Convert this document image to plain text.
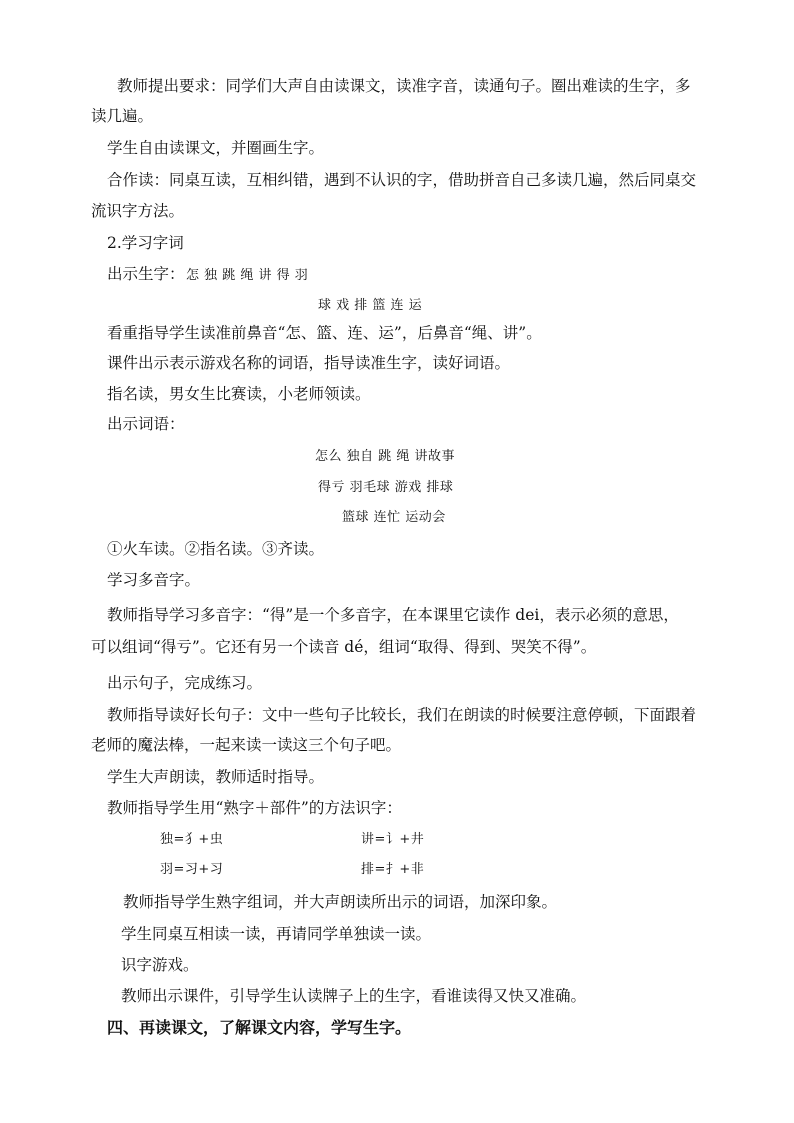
教师提出要求：同学们大声自由读课文，读准字音，读通句子。圈出难读的生字，多
读几遍。
学生自由读课文，并圈画生字。
合作读：同桌互读，互相纠错，遇到不认识的字，借助拼音自己多读几遍，然后同桌交
流识字方法。
2.学习字词
出示生字： 怎 独 跳 绳 讲 得 羽
球 戏 排 篮 连 运
看重指导学生读准前鼻音“怎、篮、连、运”，后鼻音“绳、讲”。
课件出示表示游戏名称的词语，指导读准生字，读好词语。
指名读，男女生比赛读，小老师领读。
出示词语：
怎么 独自 跳 绳 讲故事
得亏 羽毛球 游戏 排球
篮球 连忙 运动会
①火车读。②指名读。③齐读。
学习多音字。
教师指导学习多音字：“得”是一个多音字，在本课里它读作 dei，表示必须的意思，
可以组词“得亏”。它还有另一个读音 dé，组词“取得、得到、哭笑不得”。
出示句子，完成练习。
教师指导读好长句子：文中一些句子比较长，我们在朗读的时候要注意停顿，下面跟着
老师的魔法棒，一起来读一读这三个句子吧。
学生大声朗读，教师适时指导。
教师指导学生用“熟字＋部件”的方法识字：
独=犭+虫	讲=讠+井
羽=习+习	排=扌+非
教师指导学生熟字组词，并大声朗读所出示的词语，加深印象。
学生同桌互相读一读，再请同学单独读一读。
识字游戏。
教师出示课件，引导学生认读牌子上的生字，看谁读得又快又准确。
四、再读课文，了解课文内容，学写生字。
